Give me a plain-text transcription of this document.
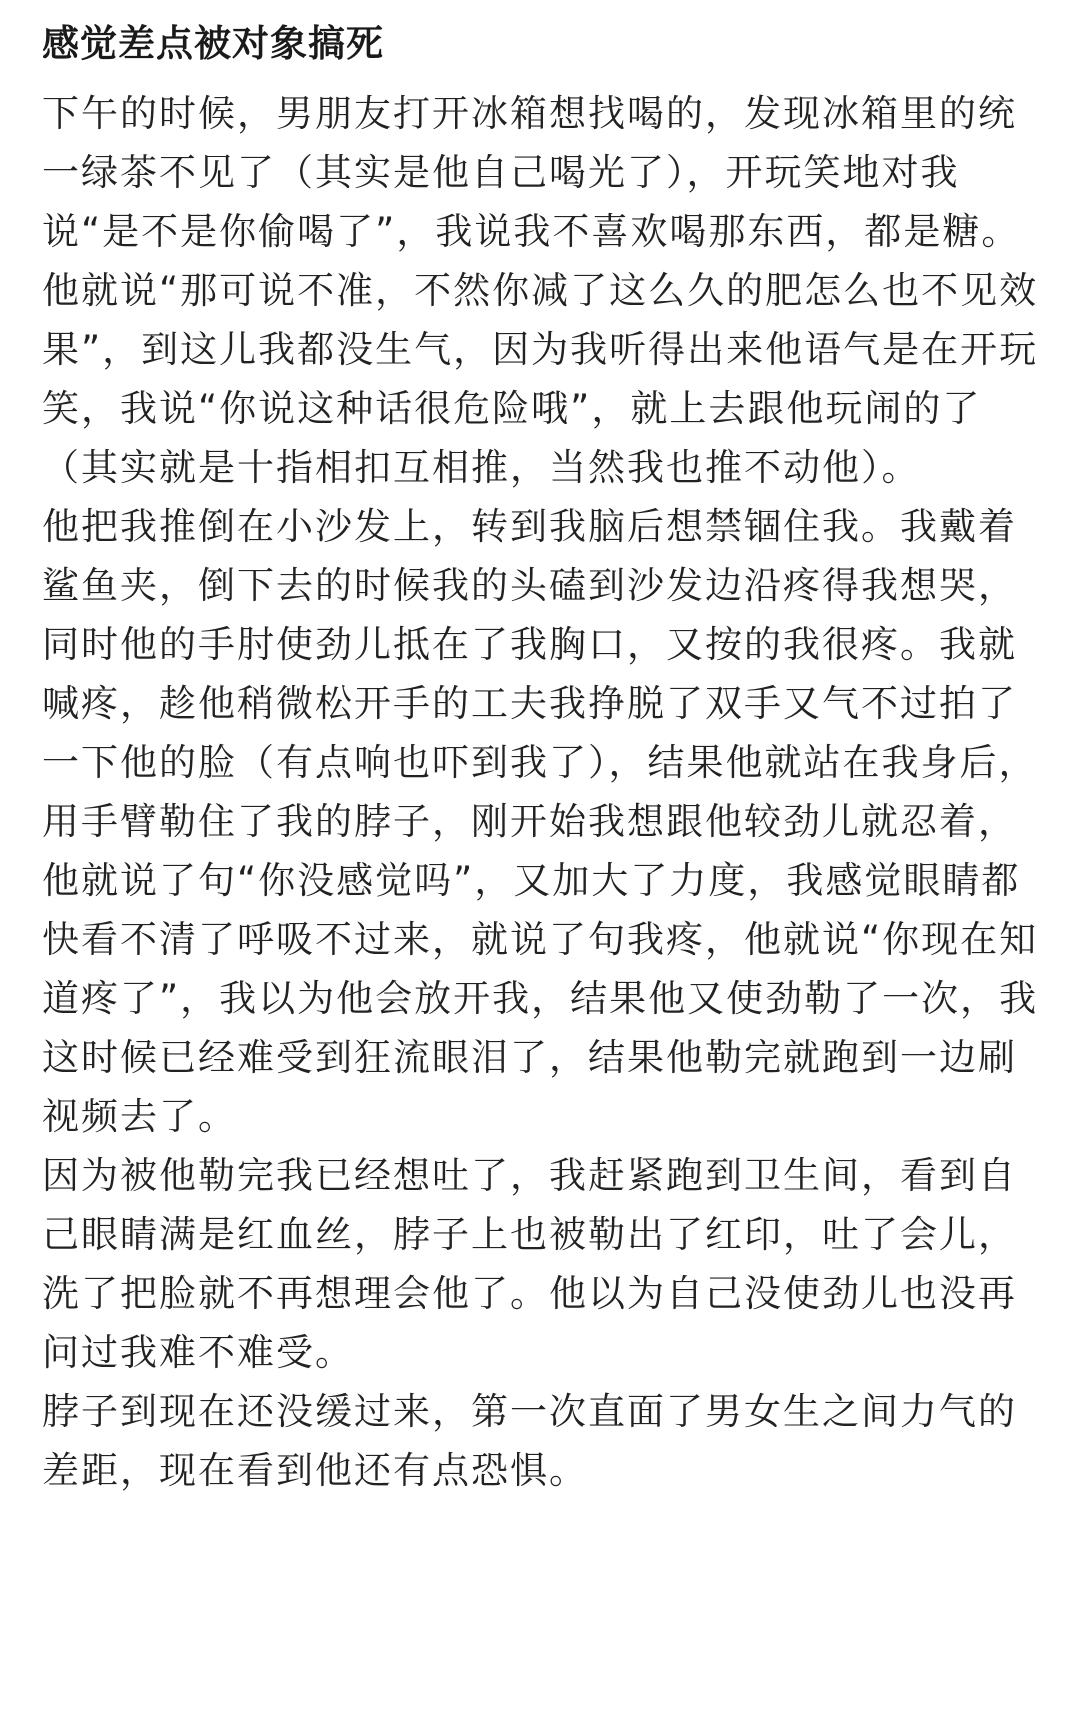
感觉差点被对象搞死

下午的时候，男朋友打开冰箱想找喝的，发现冰箱里的统一绿茶不见了（其实是他自己喝光了），开玩笑地对我说“是不是你偷喝了”，我说我不喜欢喝那东西，都是糖。他就说“那可说不准，不然你减了这么久的肥怎么也不见效果”，到这儿我都没生气，因为我听得出来他语气是在开玩笑，我说“你说这种话很危险哦”，就上去跟他玩闹的了（其实就是十指相扣互相推，当然我也推不动他）。

他把我推倒在小沙发上，转到我脑后想禁锢住我。我戴着鲨鱼夹，倒下去的时候我的头磕到沙发边沿疼得我想哭，同时他的手肘使劲儿抵在了我胸口，又按的我很疼。我就喊疼，趁他稍微松开手的工夫我挣脱了双手又气不过拍了一下他的脸（有点响也吓到我了），结果他就站在我身后，用手臂勒住了我的脖子，刚开始我想跟他较劲儿就忍着，他就说了句“你没感觉吗”，又加大了力度，我感觉眼睛都快看不清了呼吸不过来，就说了句我疼，他就说“你现在知道疼了”，我以为他会放开我，结果他又使劲勒了一次，我这时候已经难受到狂流眼泪了，结果他勒完就跑到一边刷视频去了。

因为被他勒完我已经想吐了，我赶紧跑到卫生间，看到自己眼睛满是红血丝，脖子上也被勒出了红印，吐了会儿，洗了把脸就不再想理会他了。他以为自己没使劲儿也没再问过我难不难受。

脖子到现在还没缓过来，第一次直面了男女生之间力气的差距，现在看到他还有点恐惧。
